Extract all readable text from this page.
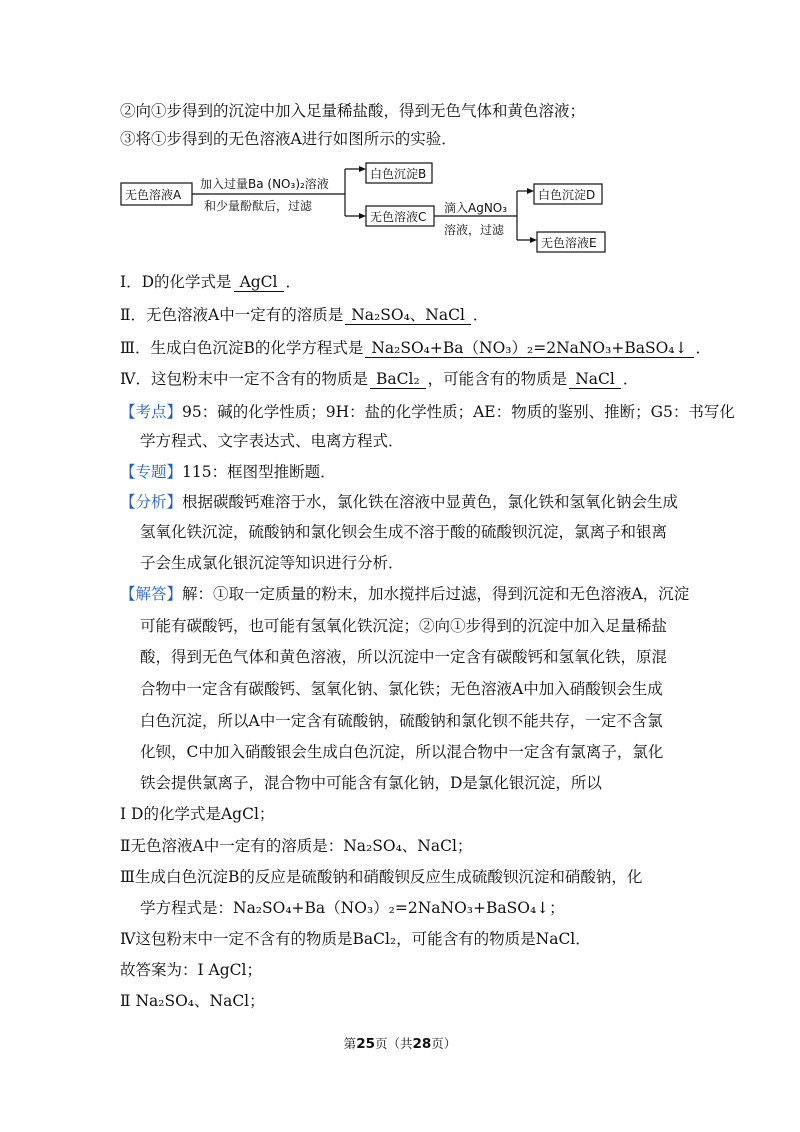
②向①步得到的沉淀中加入足量稀盐酸，得到无色气体和黄色溶液；
③将①步得到的无色溶液A进行如图所示的实验．
无色溶液A
加入过量Ba (NO₃)₂溶液
和少量酚酞后，过滤
白色沉淀B
无色溶液C
滴入AgNO₃
溶液，过滤
白色沉淀D
无色溶液E
Ⅰ．D的化学式是 AgCl ．
Ⅱ．无色溶液A中一定有的溶质是 Na₂SO₄、NaCl ．
Ⅲ．生成白色沉淀B的化学方程式是 Na₂SO₄+Ba（NO₃）₂=2NaNO₃+BaSO₄↓ ．
Ⅳ．这包粉末中一定不含有的物质是 BaCl₂ ，可能含有的物质是 NaCl ．
【考点】95：碱的化学性质；9H：盐的化学性质；AE：物质的鉴别、推断；G5：书写化
学方程式、文字表达式、电离方程式．
【专题】115：框图型推断题．
【分析】根据碳酸钙难溶于水，氯化铁在溶液中显黄色，氯化铁和氢氧化钠会生成
氢氧化铁沉淀，硫酸钠和氯化钡会生成不溶于酸的硫酸钡沉淀，氯离子和银离
子会生成氯化银沉淀等知识进行分析．
【解答】解：①取一定质量的粉末，加水搅拌后过滤，得到沉淀和无色溶液A，沉淀
可能有碳酸钙，也可能有氢氧化铁沉淀；②向①步得到的沉淀中加入足量稀盐
酸，得到无色气体和黄色溶液，所以沉淀中一定含有碳酸钙和氢氧化铁，原混
合物中一定含有碳酸钙、氢氧化钠、氯化铁；无色溶液A中加入硝酸钡会生成
白色沉淀，所以A中一定含有硫酸钠，硫酸钠和氯化钡不能共存，一定不含氯
化钡，C中加入硝酸银会生成白色沉淀，所以混合物中一定含有氯离子，氯化
铁会提供氯离子，混合物中可能含有氯化钠，D是氯化银沉淀，所以
Ⅰ D的化学式是AgCl；
Ⅱ无色溶液A中一定有的溶质是：Na₂SO₄、NaCl；
Ⅲ生成白色沉淀B的反应是硫酸钠和硝酸钡反应生成硫酸钡沉淀和硝酸钠，化
学方程式是：Na₂SO₄+Ba（NO₃）₂=2NaNO₃+BaSO₄↓；
Ⅳ这包粉末中一定不含有的物质是BaCl₂，可能含有的物质是NaCl．
故答案为：Ⅰ AgCl；
Ⅱ Na₂SO₄、NaCl；
第25页（共28页）
